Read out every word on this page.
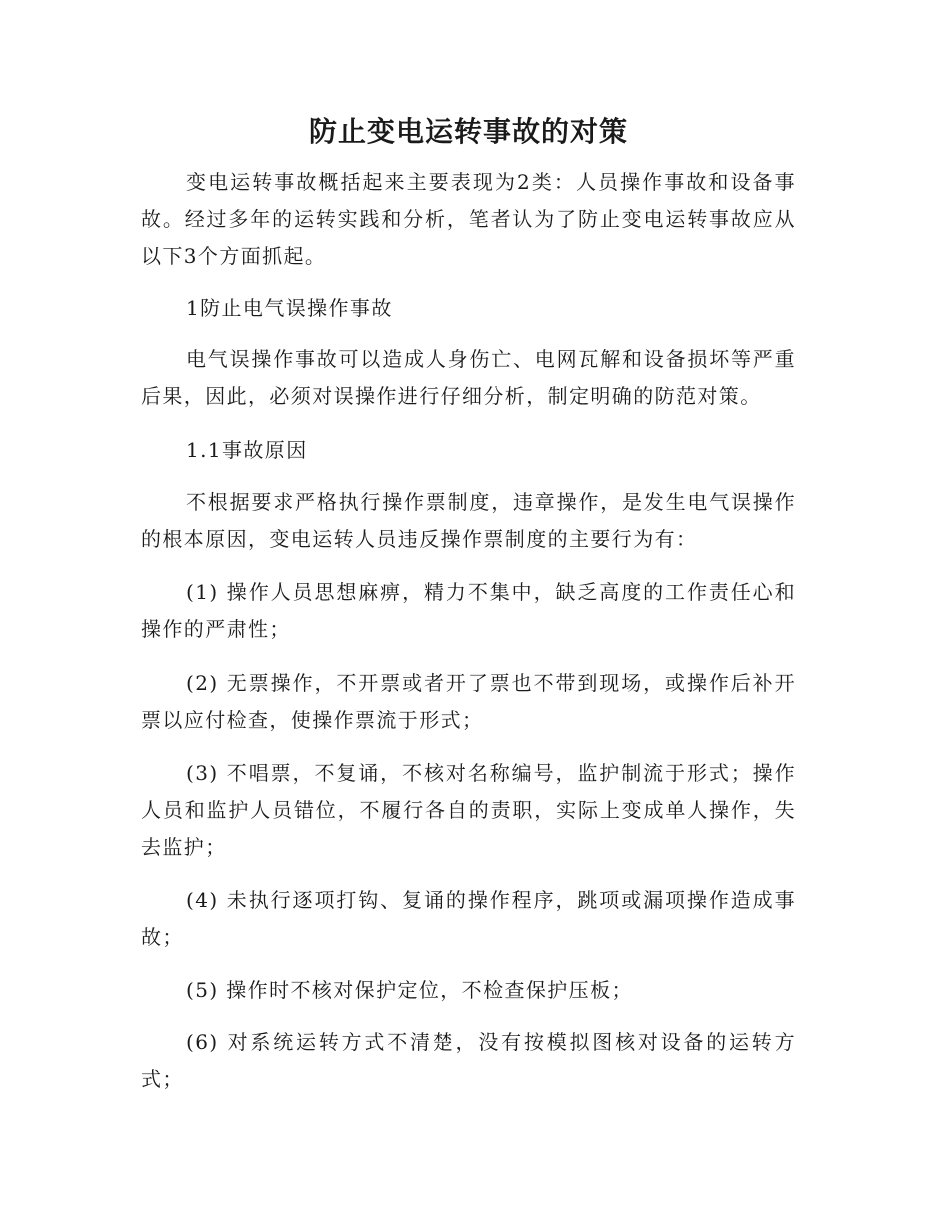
防止变电运转事故的对策

变电运转事故概括起来主要表现为2类：人员操作事故和设备事故。经过多年的运转实践和分析，笔者认为了防止变电运转事故应从以下3个方面抓起。

1防止电气误操作事故

电气误操作事故可以造成人身伤亡、电网瓦解和设备损坏等严重后果，因此，必须对误操作进行仔细分析，制定明确的防范对策。

1.1事故原因

不根据要求严格执行操作票制度，违章操作，是发生电气误操作的根本原因，变电运转人员违反操作票制度的主要行为有：

(1) 操作人员思想麻痹，精力不集中，缺乏高度的工作责任心和操作的严肃性；

(2) 无票操作，不开票或者开了票也不带到现场，或操作后补开票以应付检查，使操作票流于形式；

(3) 不唱票，不复诵，不核对名称编号，监护制流于形式；操作人员和监护人员错位，不履行各自的责职，实际上变成单人操作，失去监护；

(4) 未执行逐项打钩、复诵的操作程序，跳项或漏项操作造成事故；

(5) 操作时不核对保护定位，不检查保护压板；

(6) 对系统运转方式不清楚，没有按模拟图核对设备的运转方式；
